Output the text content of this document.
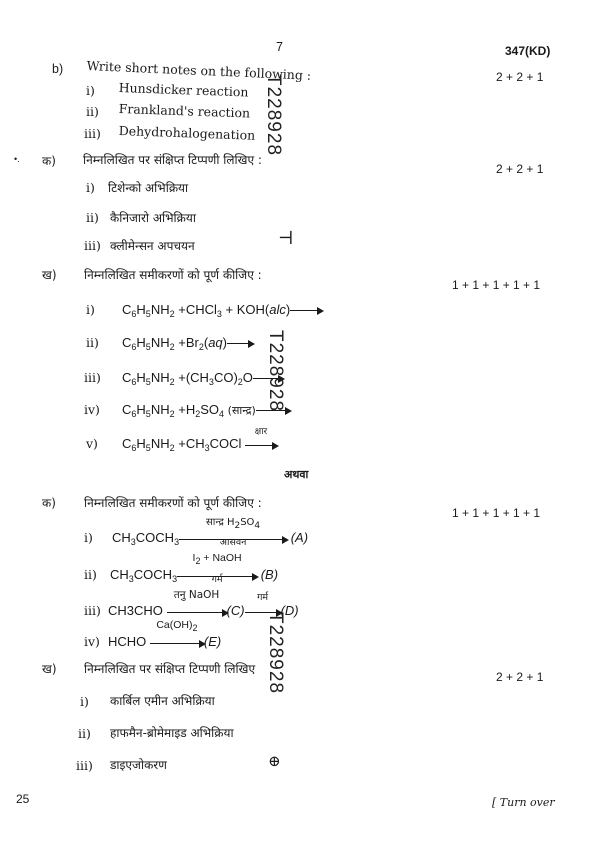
7	347(KD)
b) Write short notes on the following :	2 + 2 + 1
i) Hunsdicker reaction
ii) Frankland's reaction
iii) Dehydrohalogenation T228928
•. क) निम्नलिखित पर संक्षिप्त टिप्पणी लिखिए :
2 + 2 + 1
i) टिशेन्को अभिक्रिया
ii) कैनिजारो अभिक्रिया
iii) क्लीमेन्सन अपचयन	⊣
ख) निम्नलिखित समीकरणों को पूर्ण कीजिए :
1 + 1 + 1 + 1 + 1
i) $C_6H_5NH_2$ +CHCl$_3$ + KOH(alc)
ii) $C_6H_5NH_2 +Br_2(aq)$
iii) $C_6H_5NH_2 +(CH_3CO)_2O$
iv) $C_6H_5NH_2 +H_2SO_4$ (सान्द्र)
v) $C_6H_5NH_2$ $+CH_3COCl$
क्षार
T228928
अथवा
क) निम्नलिखित समीकरणों को पूर्ण कीजिए :
1 + 1 + 1 + 1 + 1
i) $CH_3COCH_3$
सान्द्र $H_2SO_4$
आसवन	(A)
ii) $CH_3COCH_3$
$I_2$ + NaOH
गर्म	(B)
iii) CH3CHO
तनु NaOH
(C)
गर्म
(D)
iv) HCHO
$Ca(OH)_2$
(E) T228928
ख) निम्नलिखित पर संक्षिप्त टिप्पणी लिखिए
2 + 2 + 1
i) कार्बिल एमीन अभिक्रिया
ii) हाफमैन-ब्रोमेमाइड अभिक्रिया
iii) डाइएजोकरण	⊕
25	[ Turn over
